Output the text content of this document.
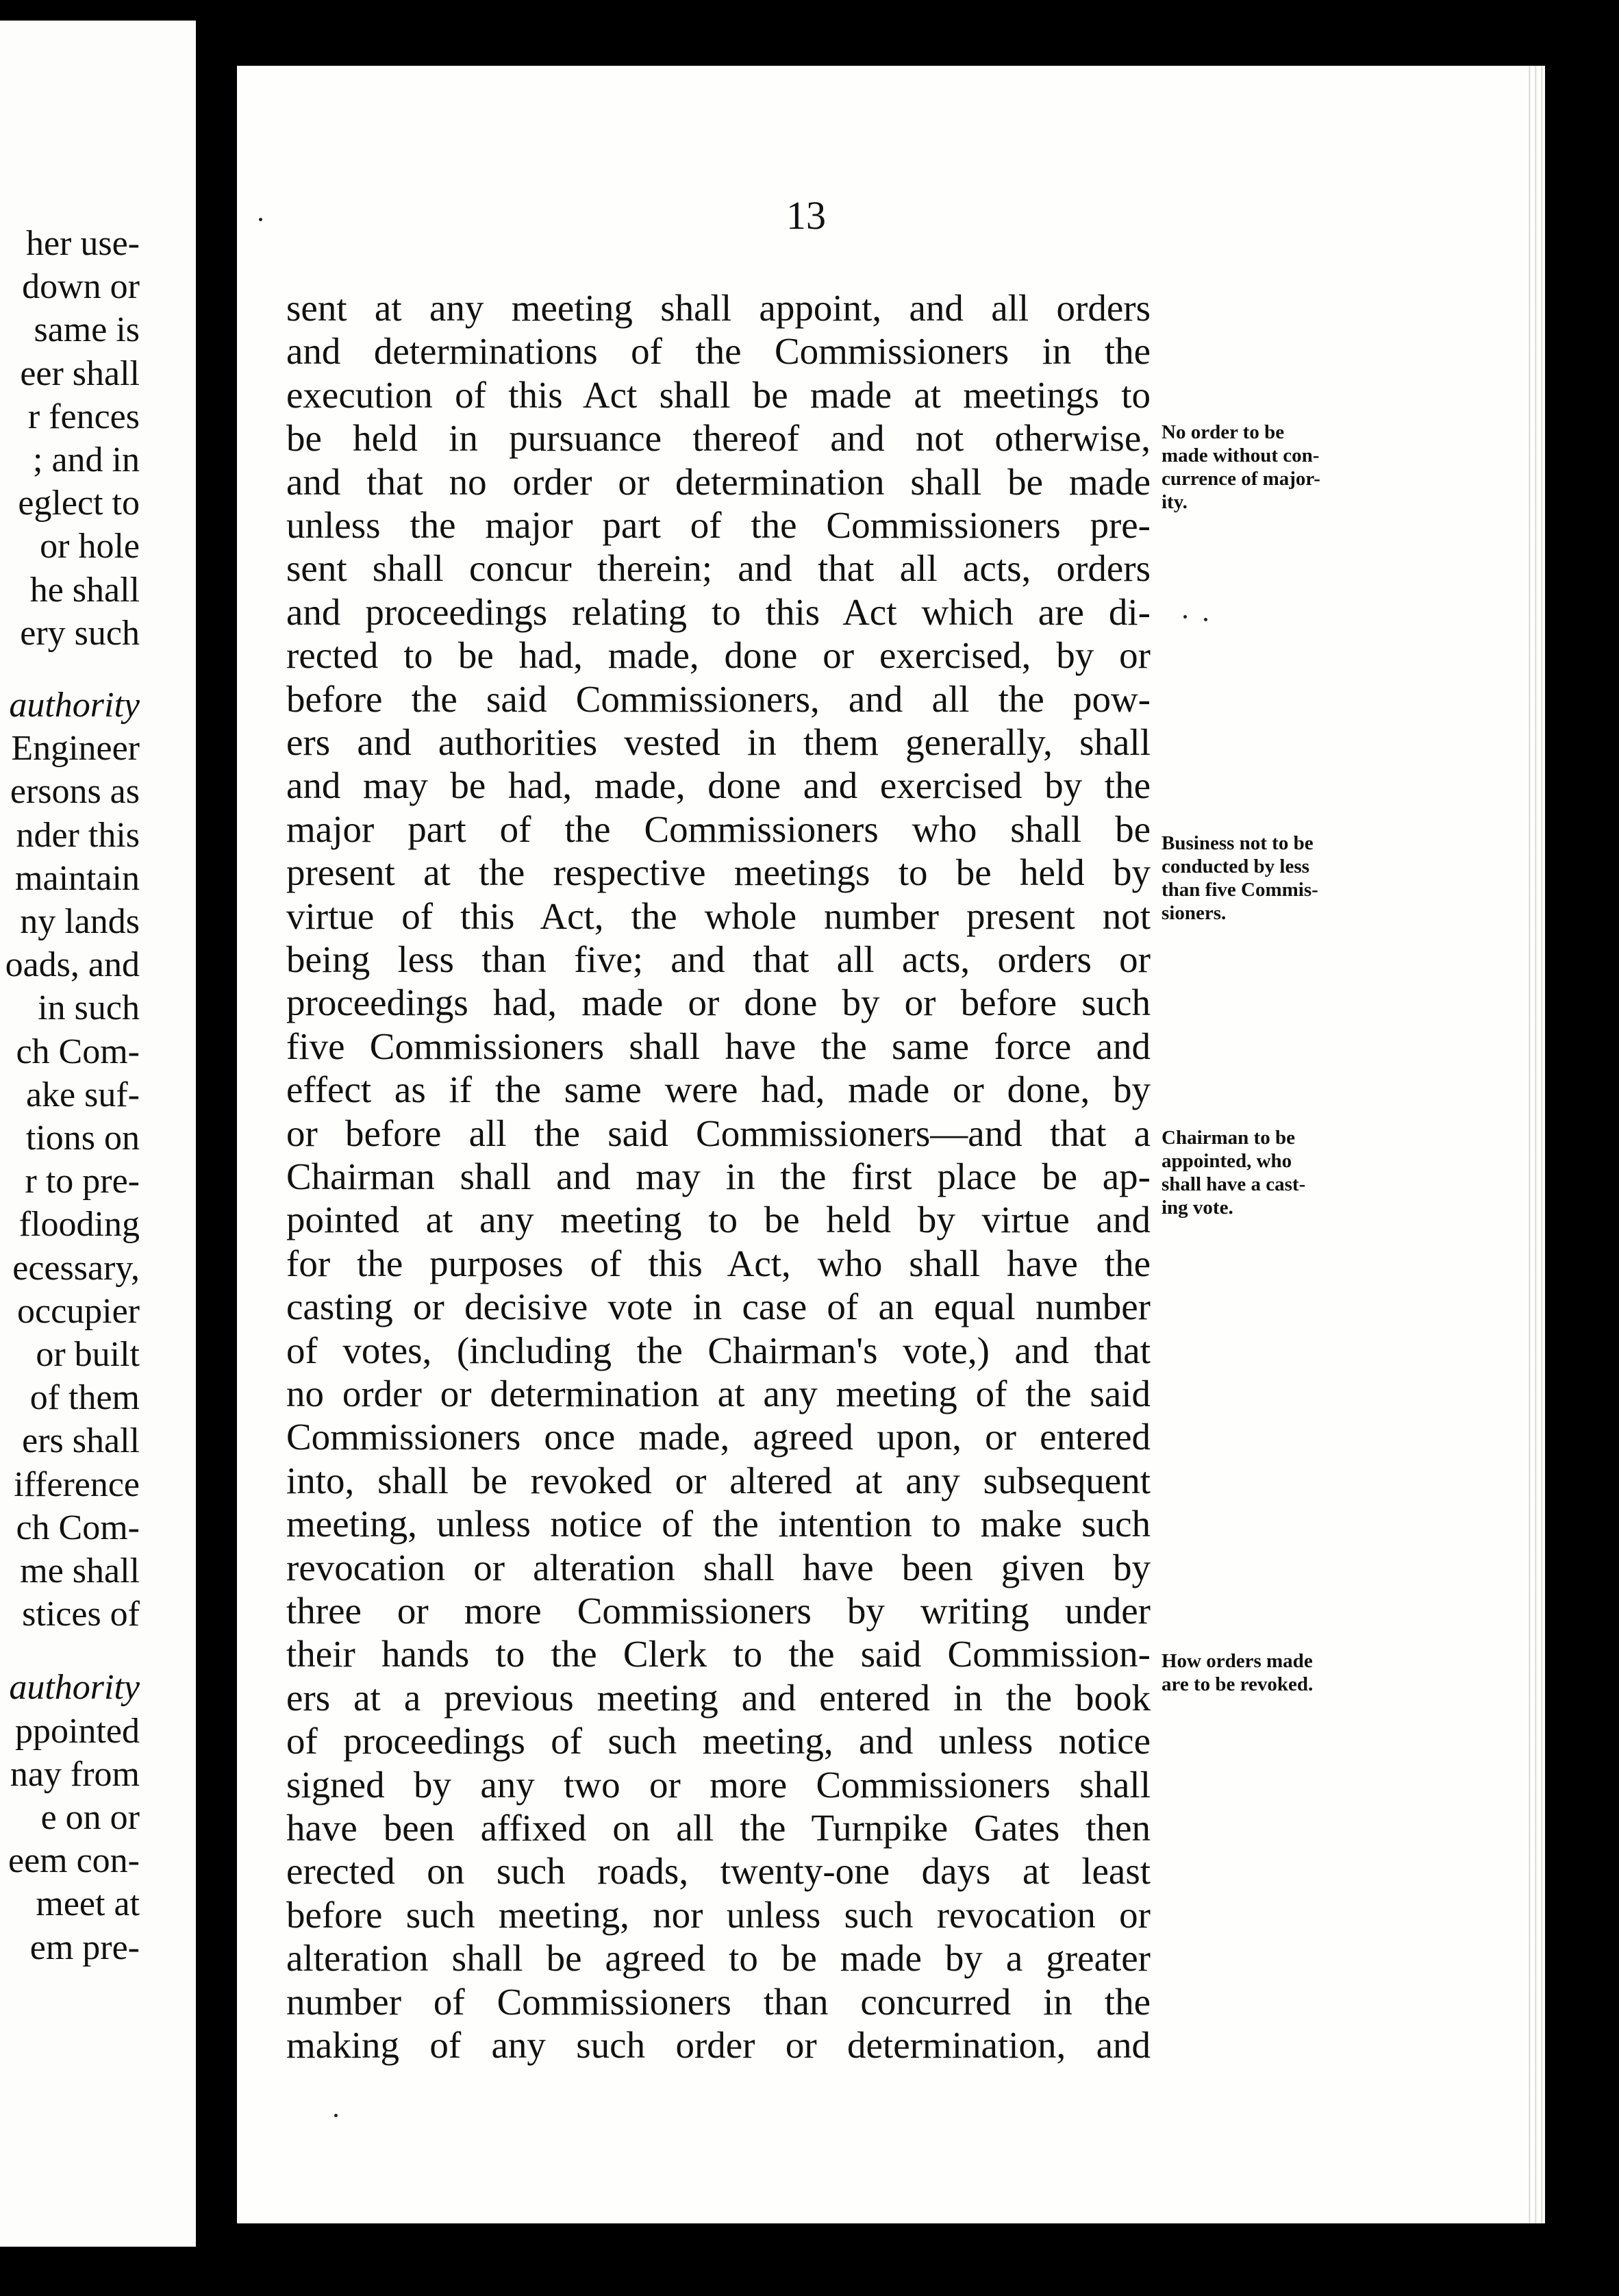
her use-
down or
same is
eer shall
r fences
; and in
eglect to
or hole
he shall
ery such
authority
Engineer
ersons as
nder this
maintain
ny lands
oads, and
in such
ch Com-
ake suf-
tions on
r to pre-
flooding
ecessary,
occupier
or built
of them
ers shall
ifference
ch Com-
me shall
stices of
authority
ppointed
nay from
e on or
eem con-
meet at
em pre-
13
sent at any meeting shall appoint, and all orders
and determinations of the Commissioners in the
execution of this Act shall be made at meetings to
be held in pursuance thereof and not otherwise,
and that no order or determination shall be made
unless the major part of the Commissioners pre-
sent shall concur therein; and that all acts, orders
and proceedings relating to this Act which are di-
rected to be had, made, done or exercised, by or
before the said Commissioners, and all the pow-
ers and authorities vested in them generally, shall
and may be had, made, done and exercised by the
major part of the Commissioners who shall be
present at the respective meetings to be held by
virtue of this Act, the whole number present not
being less than five; and that all acts, orders or
proceedings had, made or done by or before such
five Commissioners shall have the same force and
effect as if the same were had, made or done, by
or before all the said Commissioners—and that a
Chairman shall and may in the first place be ap-
pointed at any meeting to be held by virtue and
for the purposes of this Act, who shall have the
casting or decisive vote in case of an equal number
of votes, (including the Chairman's vote,) and that
no order or determination at any meeting of the said
Commissioners once made, agreed upon, or entered
into, shall be revoked or altered at any subsequent
meeting, unless notice of the intention to make such
revocation or alteration shall have been given by
three or more Commissioners by writing under
their hands to the Clerk to the said Commission-
ers at a previous meeting and entered in the book
of proceedings of such meeting, and unless notice
signed by any two or more Commissioners shall
have been affixed on all the Turnpike Gates then
erected on such roads, twenty-one days at least
before such meeting, nor unless such revocation or
alteration shall be agreed to be made by a greater
number of Commissioners than concurred in the
making of any such order or determination, and
No order to be
made without con-
currence of major-
ity.
Business not to be
conducted by less
than five Commis-
sioners.
Chairman to be
appointed, who
shall have a cast-
ing vote.
How orders made
are to be revoked.
